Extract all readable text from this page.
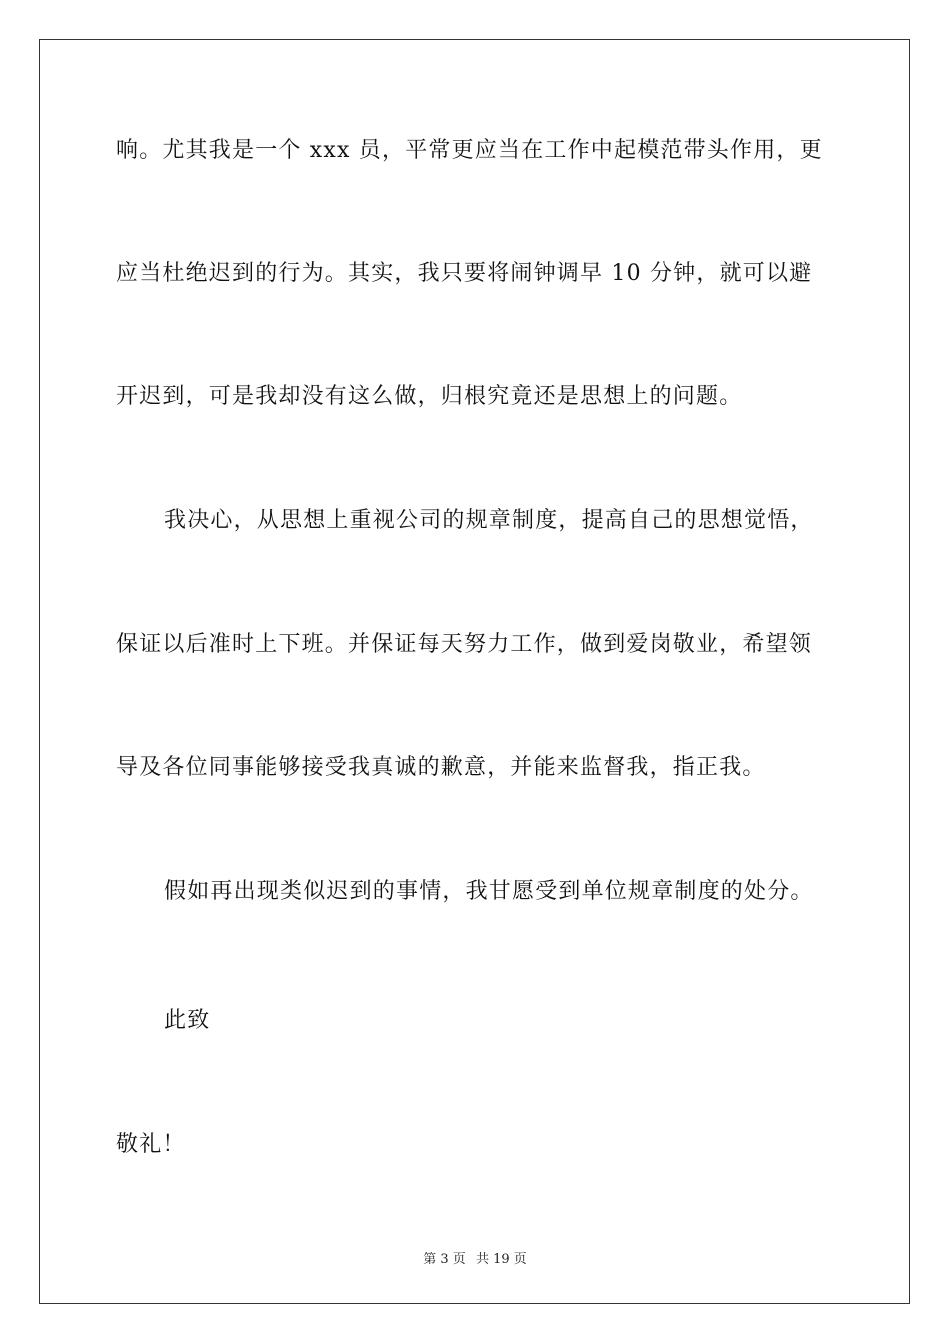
响。尤其我是一个 xxx 员，平常更应当在工作中起模范带头作用，更
应当杜绝迟到的行为。其实，我只要将闹钟调早 10 分钟，就可以避
开迟到，可是我却没有这么做，归根究竟还是思想上的问题。
我决心，从思想上重视公司的规章制度，提高自己的思想觉悟，
保证以后准时上下班。并保证每天努力工作，做到爱岗敬业，希望领
导及各位同事能够接受我真诚的歉意，并能来监督我，指正我。
假如再出现类似迟到的事情，我甘愿受到单位规章制度的处分。
此致
敬礼！
第 3 页 共 19 页
